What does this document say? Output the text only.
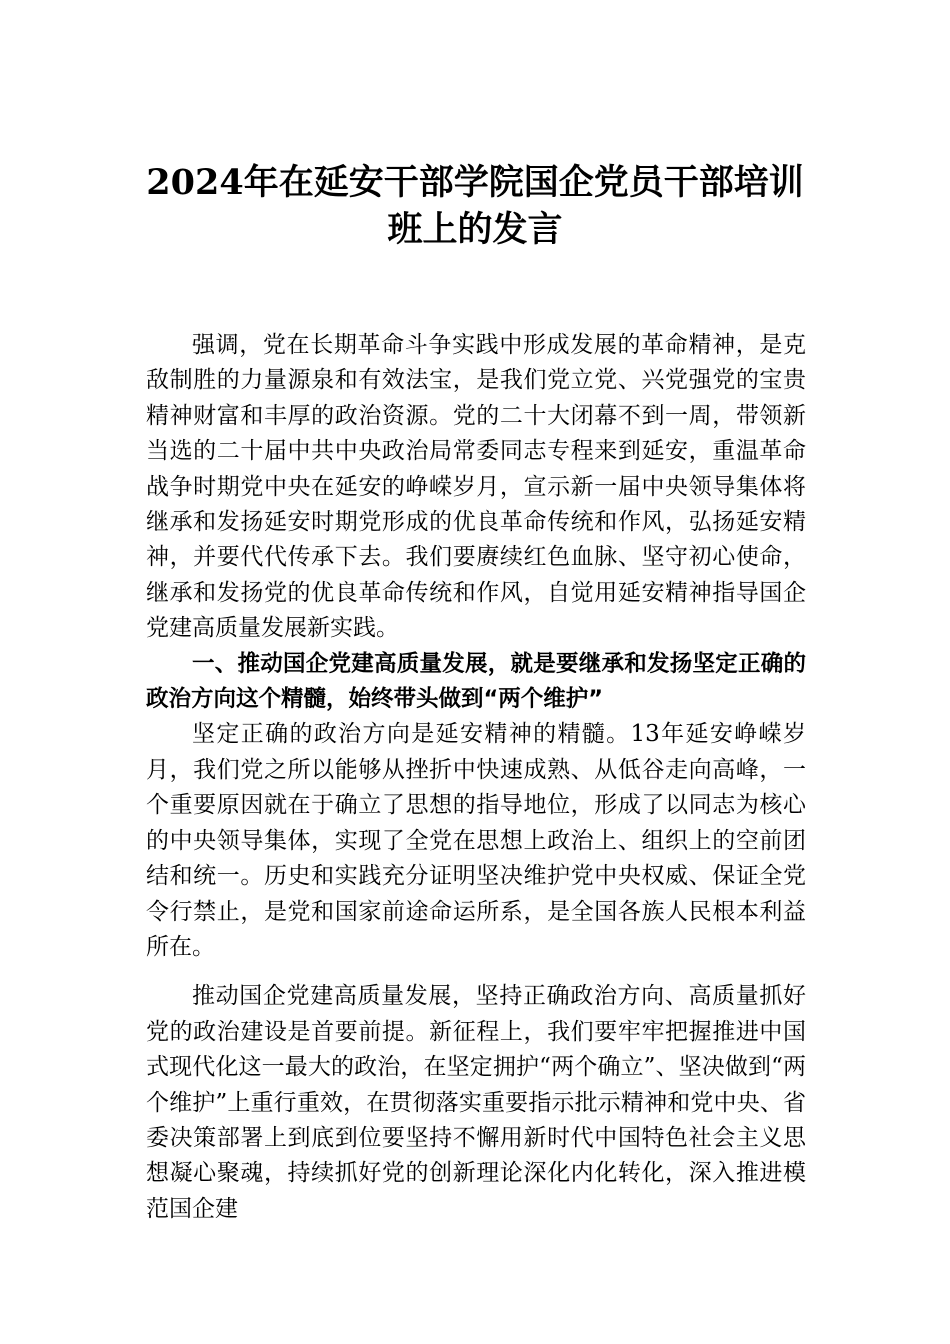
2024年在延安干部学院国企党员干部培训
班上的发言

强调，党在长期革命斗争实践中形成发展的革命精神，是克敌制胜的力量源泉和有效法宝，是我们党立党、兴党强党的宝贵精神财富和丰厚的政治资源。党的二十大闭幕不到一周，带领新当选的二十届中共中央政治局常委同志专程来到延安，重温革命战争时期党中央在延安的峥嵘岁月，宣示新一届中央领导集体将继承和发扬延安时期党形成的优良革命传统和作风，弘扬延安精神，并要代代传承下去。我们要赓续红色血脉、坚守初心使命，继承和发扬党的优良革命传统和作风，自觉用延安精神指导国企党建高质量发展新实践。

一、推动国企党建高质量发展，就是要继承和发扬坚定正确的政治方向这个精髓，始终带头做到“两个维护”

坚定正确的政治方向是延安精神的精髓。13年延安峥嵘岁月，我们党之所以能够从挫折中快速成熟、从低谷走向高峰，一个重要原因就在于确立了思想的指导地位，形成了以同志为核心的中央领导集体，实现了全党在思想上政治上、组织上的空前团结和统一。历史和实践充分证明坚决维护党中央权威、保证全党令行禁止，是党和国家前途命运所系，是全国各族人民根本利益所在。

推动国企党建高质量发展，坚持正确政治方向、高质量抓好党的政治建设是首要前提。新征程上，我们要牢牢把握推进中国式现代化这一最大的政治，在坚定拥护“两个确立”、坚决做到“两个维护”上重行重效，在贯彻落实重要指示批示精神和党中央、省委决策部署上到底到位要坚持不懈用新时代中国特色社会主义思想凝心聚魂，持续抓好党的创新理论深化内化转化，深入推进模范国企建
